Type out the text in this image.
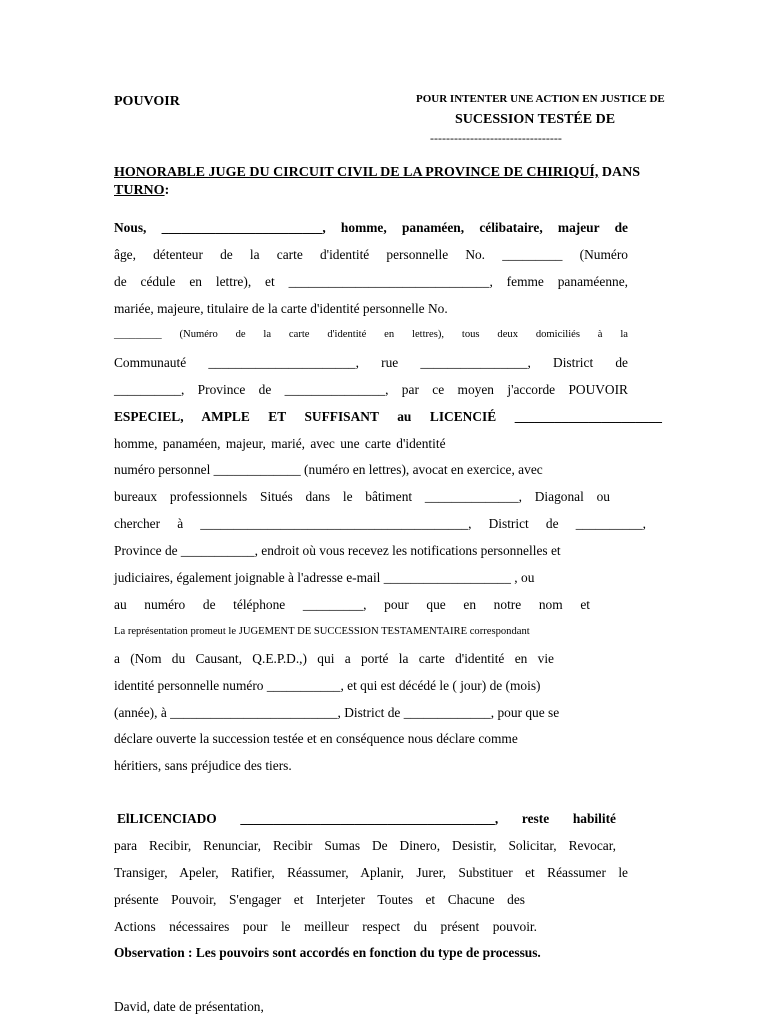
POUVOIR	POUR INTENTER UNE ACTION EN JUSTICE DE
SUCESSION TESTÉE DE
---------------------------------
HONORABLE JUGE DU CIRCUIT CIVIL DE LA PROVINCE DE CHIRIQUÍ, DANS TURNO:
Nous, ________________________, homme, panaméen, célibataire, majeur de
âge, détenteur de la carte d'identité personnelle No. _________ (Numéro
de cédule en lettre), et ______________________________, femme panaméenne,
mariée, majeure, titulaire de la carte d'identité personnelle No.
_________ (Numéro de la carte d'identité en lettres), tous deux domiciliés à la
Communauté ______________________, rue ________________, District de
__________, Province de _______________, par ce moyen j'accorde POUVOIR
ESPECIEL, AMPLE ET SUFFISANT au LICENCIÉ ______________________
homme, panaméen, majeur, marié, avec une carte d'identité
numéro personnel _____________ (numéro en lettres), avocat en exercice, avec
bureaux professionnels Situés dans le bâtiment ______________, Diagonal ou
chercher à ________________________________________, District de __________,
Province de ___________, endroit où vous recevez les notifications personnelles et
judiciaires, également joignable à l'adresse e-mail ___________________ , ou
au numéro de téléphone _________, pour que en notre nom et
La représentation promeut le JUGEMENT DE SUCCESSION TESTAMENTAIRE correspondant
a (Nom du Causant, Q.E.P.D.,) qui a porté la carte d'identité en vie
identité personnelle numéro ___________, et qui est décédé le ( jour) de (mois)
(année), à _________________________, District de _____________, pour que se
déclare ouverte la succession testée et en conséquence nous déclare comme
héritiers, sans préjudice des tiers.
ElLICENCIADO ______________________________________, reste habilité
para Recibir, Renunciar, Recibir Sumas De Dinero, Desistir, Solicitar, Revocar,
Transiger, Apeler, Ratifier, Réassumer, Aplanir, Jurer, Substituer et Réassumer le
présente Pouvoir, S'engager et Interjeter Toutes et Chacune des
Actions nécessaires pour le meilleur respect du présent pouvoir.
Observation : Les pouvoirs sont accordés en fonction du type de processus.
David, date de présentation,
